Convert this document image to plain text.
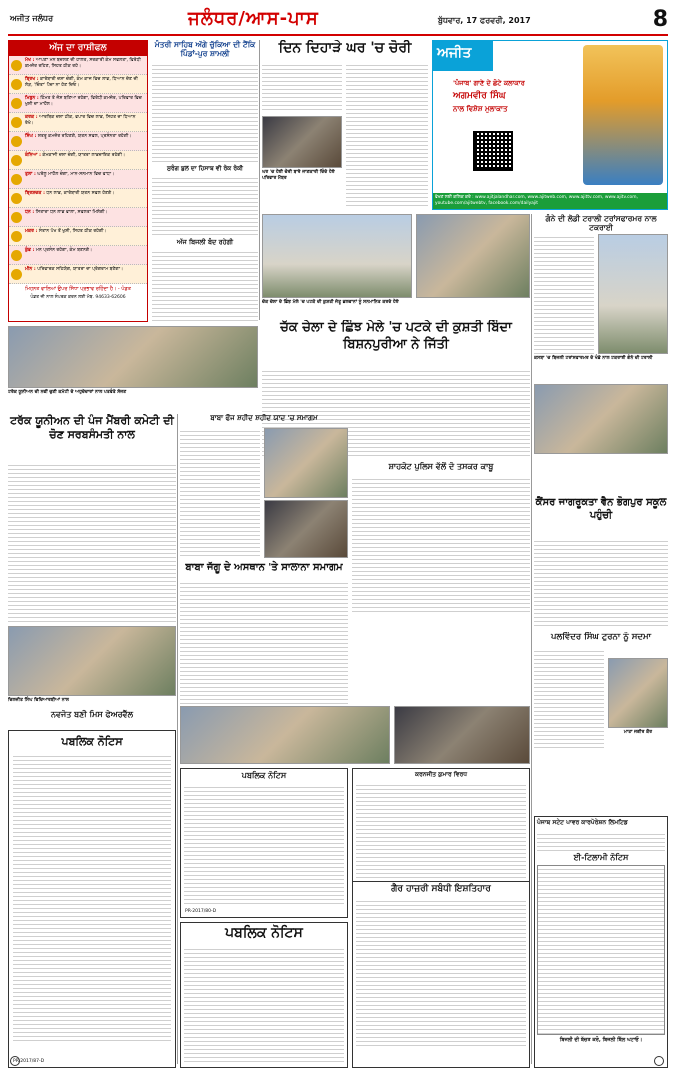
ਅਜੀਤ ਜਲੰਧਰ	ਜਲੰਧਰ/ਆਸ-ਪਾਸ	ਬੁੱਧਵਾਰ, 17 ਫਰਵਰੀ, 2017	8
ਅੱਜ ਦਾ ਰਾਸ਼ੀਫਲ
ਮੇਖ : ਆਪਣਾ ਮਨ ਬਦਲਣ ਦੀ ਹਾਲਤ, ਸਰਕਾਰੀ ਕੰਮ ਸਫਲਤਾ, ਵਿਰੋਧੀ ਕਮਜ਼ੋਰ ਰਹਿਣ, ਸਿਹਤ ਠੀਕ ਰਹੇ।
ਬ੍ਰਿਖ : ਕਾਰੋਬਾਰੀ ਦਸ਼ਾ ਚੰਗੀ, ਕੰਮ ਕਾਜ ਵਿਚ ਲਾਭ, ਧਿਆਨ ਦੇਣ ਦੀ ਲੋੜ, 'ਚਿੰਤਾ' ਪੈਦਾ ਨਾ ਹੋਣ ਦਿਓ।
ਮਿਥੁਨ : ਹਿੰਮਤ ਤੇ ਜੋਸ਼ ਬਣਿਆ ਰਹੇਗਾ, ਵਿਰੋਧੀ ਕਮਜ਼ੋਰ, ਪਰਿਵਾਰ ਵਿਚ ਖੁਸ਼ੀ ਦਾ ਮਾਹੌਲ।
ਕਰਕ : ਆਰਥਿਕ ਦਸ਼ਾ ਠੀਕ, ਵਪਾਰ ਵਿਚ ਲਾਭ, ਸਿਹਤ ਦਾ ਧਿਆਨ ਰੱਖੋ।
ਸਿੰਘ : ਸ਼ਤਰੂ ਕਮਜ਼ੋਰ ਰਹਿਣਗੇ, ਯਤਨ ਸਫਲ, ਪ੍ਰਸੰਨਤਾ ਰਹੇਗੀ।
ਕੰਨਿਆ : ਕੰਮਕਾਜੀ ਦਸ਼ਾ ਚੰਗੀ, ਯਾਤਰਾ ਲਾਭਦਾਇਕ ਰਹੇਗੀ।
ਤੁਲਾ : ਘਰੇਲੂ ਮਾਹੌਲ ਚੰਗਾ, ਮਾਨ-ਸਨਮਾਨ ਵਿਚ ਵਾਧਾ।
ਬ੍ਰਿਸ਼ਚਕ : ਧਨ ਲਾਭ, ਕਾਰੋਬਾਰੀ ਯਤਨ ਸਫਲ ਹੋਣਗੇ।
ਧਨ : ਸਿਤਾਰਾ ਧਨ ਲਾਭ ਵਾਲਾ, ਸਫਲਤਾ ਮਿਲੇਗੀ।
ਮਕਰ : ਸੰਤਾਨ ਪੱਖ ਤੋਂ ਖੁਸ਼ੀ, ਸਿਹਤ ਠੀਕ ਰਹੇਗੀ।
ਕੁੰਭ : ਮਨ ਪ੍ਰਸੰਨ ਰਹੇਗਾ, ਕੰਮ ਬਣਨਗੇ।
ਮੀਨ : ਪਰਿਵਾਰਕ ਸਹਿਯੋਗ, ਯਾਤਰਾ ਦਾ ਪ੍ਰੋਗਰਾਮ ਬਣੇਗਾ।
ਮਿਹਨਤ ਵਾਲਿਆਂ ਉਪਰ ਸਿੱਧਾ ਪ੍ਰਭਾਵ ਰਹਿੰਦਾ ਹੈ। - ਪੰਡਤ
ਪੰਡਤ ਜੀ ਨਾਲ ਸੰਪਰਕ ਕਰਨ ਲਈ ਮੋਬ. 94633-62606
ਮੰਤਰੀ ਸਾਹਿਬ ਅੱਗੇ ਚੁੱਕਿਆ ਦੀ ਟੈਂਕਿ ਪਿੰਡਾਂ-ਪੁਰ ਸ਼ਾਮਲੀ
ਸੁਰੰਗ ਬੁਲ ਦਾ ਹਿਸਾਬ ਵੀ ਰੋਕ ਰੋਕੀ
ਅੱਜ ਬਿਜਲੀ ਬੰਦ ਰਹੇਗੀ
ਦਿਨ ਦਿਹਾੜੇ ਘਰ 'ਚ ਚੋਰੀ
ਘਰ 'ਚ ਹੋਈ ਚੋਰੀ ਬਾਰੇ ਜਾਣਕਾਰੀ ਦਿੰਦੇ ਹੋਏ ਪਰਿਵਾਰ ਮੈਂਬਰ
ਅਜੀਤ
'ਪੰਜਾਬ' ਗਾਣੇ ਦੇ ਛੋਟੇ ਕਲਾਕਾਰ
ਅਗਮਵੀਰ ਸਿੰਘ
ਨਾਲ ਵਿਸ਼ੇਸ਼ ਮੁਲਾਕਾਤ
ਵੇਖਣ ਲਈ ਕਲਿਕ ਕਰੋ : www.ajitjalandhar.com, www.ajitweb.com, www.ajittv.com, www.ajitv.com, youtube.com/ajitwebtv, facebook.com/dailyajit
ਚੱਕ ਚੇਲਾ ਦੇ ਛਿੰਝ ਮੇਲੇ 'ਚ ਪਟਕੇ ਦੀ ਕੁਸ਼ਤੀ ਜੇਤੂ ਭਲਵਾਨਾਂ ਨੂੰ ਸਨਮਾਨਿਤ ਕਰਦੇ ਹੋਏ
ਚੱਕ ਚੇਲਾ ਦੇ ਛਿੰਝ ਮੇਲੇ 'ਚ ਪਟਕੇ ਦੀ ਕੁਸ਼ਤੀ ਬਿੰਦਾ ਬਿਸ਼ਨਪੁਰੀਆ ਨੇ ਜਿੱਤੀ
ਗੰਨੇ ਦੀ ਲੋਡੀ ਟਰਾਲੀ ਟਰਾਂਸਫਾਰਮਰ ਨਾਲ ਟਕਰਾਈ
ਕਸਬਾ 'ਚ ਬਿਜਲੀ ਟਰਾਂਸਫਾਰਮਰ ਦੇ ਖੰਭੇ ਨਾਲ ਟਕਰਾਈ ਗੰਨੇ ਦੀ ਟਰਾਲੀ
ਟਰੱਕ ਯੂਨੀਅਨ ਦੀ ਨਵੀਂ ਚੁਣੀ ਕਮੇਟੀ ਦੇ ਅਹੁਦੇਦਾਰਾਂ ਨਾਲ ਪਤਵੰਤੇ ਸੱਜਣ
ਟਰੱਕ ਯੂਨੀਅਨ ਦੀ ਪੰਜ ਮੈਂਬਰੀ ਕਮੇਟੀ ਦੀ ਚੋਣ ਸਰਬਸੰਮਤੀ ਨਾਲ
ਬਾਬਾ ਫੌਜ ਸ਼ਹੀਦ ਸ਼ਹੀਦ ਯਾਦ 'ਚ ਸਮਾਗਮ
ਬਾਬਾ ਜੱਗੂ ਦੇ ਅਸਥਾਨ 'ਤੇ ਸਾਲਾਨਾ ਸਮਾਗਮ
ਸ਼ਾਹਕੋਟ ਪੁਲਿਸ ਵੱਲੋਂ ਦੋ ਤਸਕਰ ਕਾਬੂ
ਕੈਂਸਰ ਜਾਗਰੂਕਤਾ ਵੈਨ ਭੋਗਪੁਰ ਸਕੂਲ ਪਹੁੰਚੀ
ਪਲਵਿੰਦਰ ਸਿੰਘ ਟੁਰਨਾ ਨੂੰ ਸਦਮਾ
ਮਾਤਾ ਜਗੀਰ ਕੌਰ
ਦਿਲਜੀਤ ਸਿੰਘ ਵਿਦਿਆਰਥੀਆਂ ਨਾਲ
ਨਵਜੋਤ ਬਣੀ ਮਿਸ ਫੇਅਰਵੈੱਲ
ਪਬਲਿਕ ਨੋਟਿਸ
PR-2017/87-D
ਪਬਲਿਕ ਨੋਟਿਸ
PR-2017/80-D
ਪਬਲਿਕ ਨੋਟਿਸ
ਕਰਨਜੀਤ ਕੁਮਾਰ ਵਿਰਧ
ਗੈਰ ਹਾਜ਼ਰੀ ਸਬੰਧੀ ਇਸ਼ਤਿਹਾਰ
ਪੰਜਾਬ ਸਟੇਟ ਪਾਵਰ ਕਾਰਪੋਰੇਸ਼ਨ ਲਿਮਟਿਡ
ਈ-ਟਿਲਾਮੀ ਨੋਟਿਸ
ਬਿਜਲੀ ਦੀ ਬੱਚਤ ਕਰੋ, ਬਿਜਲੀ ਬਿੱਲ ਘਟਾਓ।
